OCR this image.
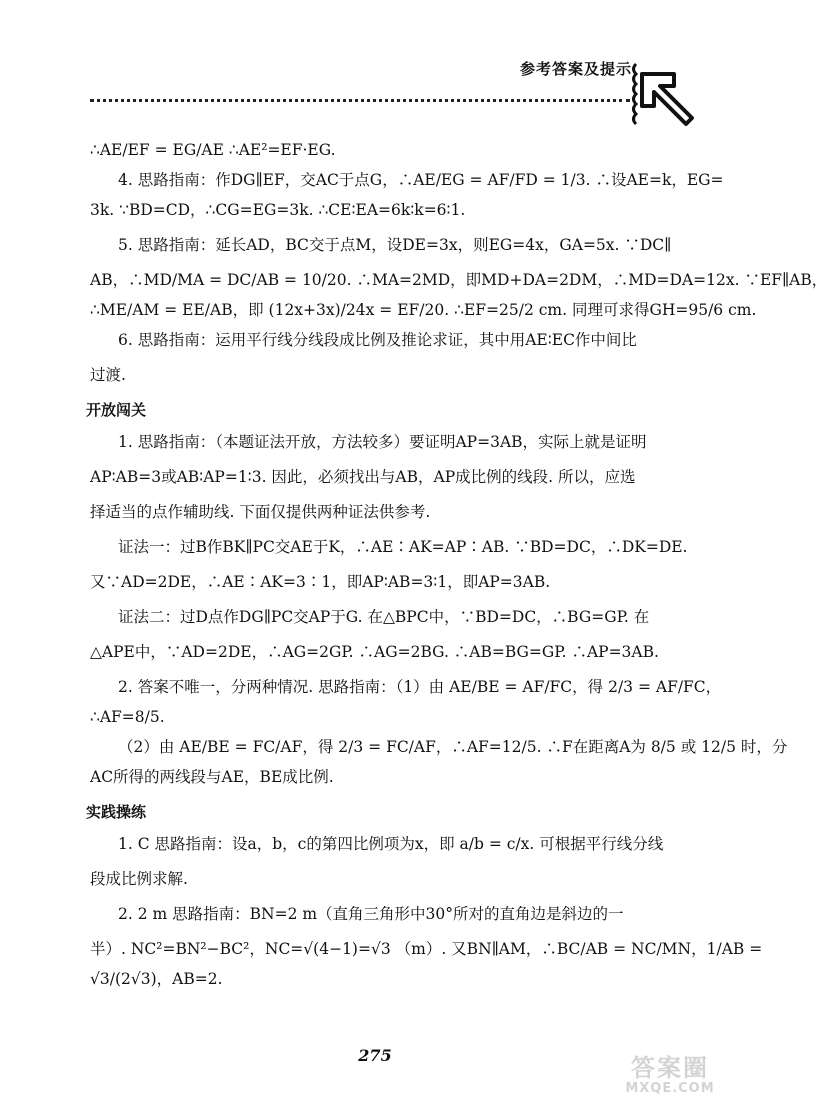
参考答案及提示
∴AE/EF = EG/AE ∴AE²=EF·EG.
4. 思路指南：作DG∥EF，交AC于点G，∴AE/EG = AF/FD = 1/3. ∴设AE=k，EG=
3k. ∵BD=CD，∴CG=EG=3k. ∴CE∶EA=6k∶k=6∶1.
5. 思路指南：延长AD，BC交于点M，设DE=3x，则EG=4x，GA=5x. ∵DC∥
AB，∴MD/MA = DC/AB = 10/20. ∴MA=2MD，即MD+DA=2DM，∴MD=DA=12x. ∵EF∥AB，
∴ME/AM = EE/AB，即 (12x+3x)/24x = EF/20. ∴EF=25/2 cm. 同理可求得GH=95/6 cm.
6. 思路指南：运用平行线分线段成比例及推论求证，其中用AE∶EC作中间比
过渡.
开放闯关
1. 思路指南：（本题证法开放，方法较多）要证明AP=3AB，实际上就是证明
AP∶AB=3或AB∶AP=1∶3. 因此，必须找出与AB，AP成比例的线段. 所以，应选
择适当的点作辅助线. 下面仅提供两种证法供参考.
证法一：过B作BK∥PC交AE于K，∴AE∶AK=AP∶AB. ∵BD=DC，∴DK=DE.
又∵AD=2DE，∴AE∶AK=3∶1，即AP∶AB=3∶1，即AP=3AB.
证法二：过D点作DG∥PC交AP于G. 在△BPC中，∵BD=DC，∴BG=GP. 在
△APE中，∵AD=2DE，∴AG=2GP. ∴AG=2BG. ∴AB=BG=GP. ∴AP=3AB.
2. 答案不唯一，分两种情况. 思路指南：（1）由 AE/BE = AF/FC，得 2/3 = AF/FC，
∴AF=8/5.
（2）由 AE/BE = FC/AF，得 2/3 = FC/AF，∴AF=12/5. ∴F在距离A为 8/5 或 12/5 时，分
AC所得的两线段与AE，BE成比例.
实践操练
1. C 思路指南：设a，b，c的第四比例项为x，即 a/b = c/x. 可根据平行线分线
段成比例求解.
2. 2 m 思路指南：BN=2 m（直角三角形中30°所对的直角边是斜边的一
半）. NC²=BN²−BC²，NC=√(4−1)=√3 （m）. 又BN∥AM，∴BC/AB = NC/MN，1/AB =
√3/(2√3)，AB=2.
275	答案圈
MXQE.COM
